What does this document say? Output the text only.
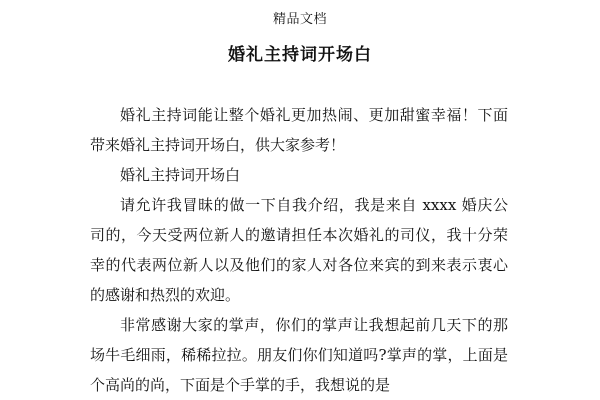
精品文档
婚礼主持词开场白

婚礼主持词能让整个婚礼更加热闹、更加甜蜜幸福！下面带来婚礼主持词开场白，供大家参考！

婚礼主持词开场白

请允许我冒昧的做一下自我介绍，我是来自 xxxx 婚庆公司的，今天受两位新人的邀请担任本次婚礼的司仪，我十分荣幸的代表两位新人以及他们的家人对各位来宾的到来表示衷心的感谢和热烈的欢迎。

非常感谢大家的掌声，你们的掌声让我想起前几天下的那场牛毛细雨，稀稀拉拉。朋友们你们知道吗?掌声的掌，上面是个高尚的尚，下面是个手掌的手，我想说的是
